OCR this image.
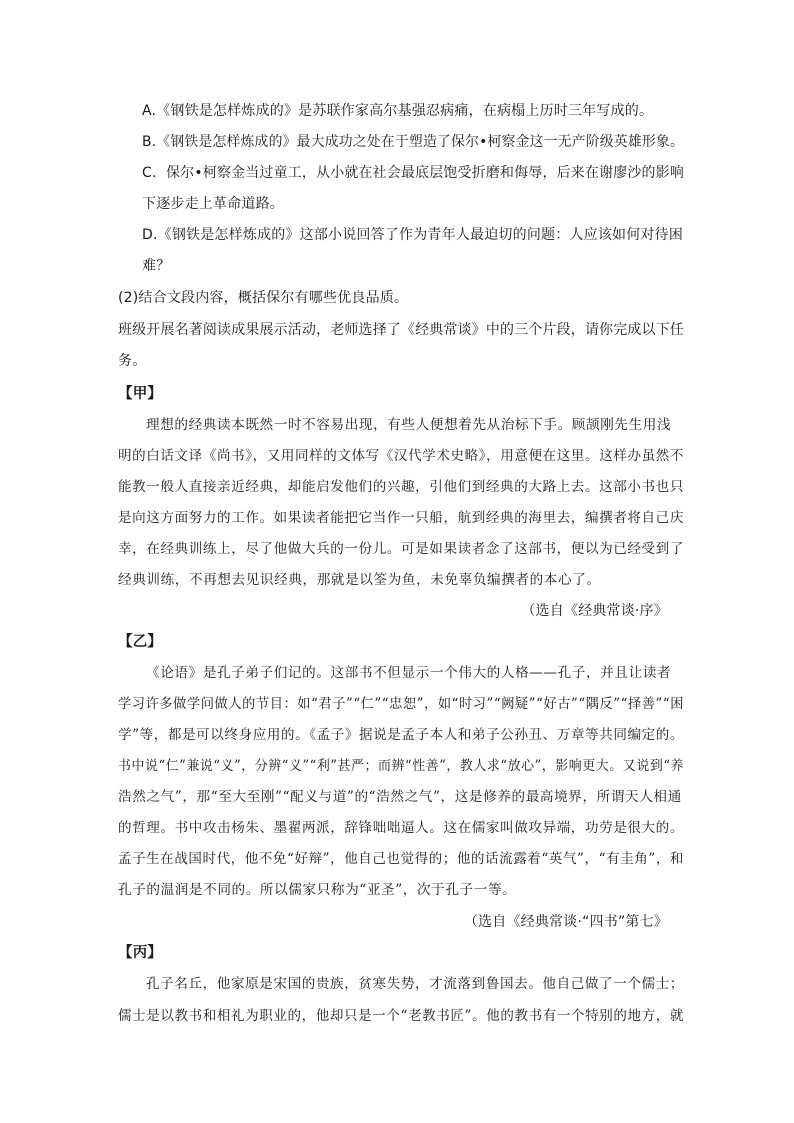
A.《钢铁是怎样炼成的》是苏联作家高尔基强忍病痛，在病榻上历时三年写成的。
B.《钢铁是怎样炼成的》最大成功之处在于塑造了保尔•柯察金这一无产阶级英雄形象。
C．保尔•柯察金当过童工，从小就在社会最底层饱受折磨和侮辱，后来在谢廖沙的影响
下逐步走上革命道路。
D.《钢铁是怎样炼成的》这部小说回答了作为青年人最迫切的问题：人应该如何对待困
难？
(2)结合文段内容，概括保尔有哪些优良品质。
班级开展名著阅读成果展示活动，老师选择了《经典常谈》中的三个片段，请你完成以下任
务。
【甲】
理想的经典读本既然一时不容易出现，有些人便想着先从治标下手。顾颉刚先生用浅
明的白话文译《尚书》，又用同样的文体写《汉代学术史略》，用意便在这里。这样办虽然不
能教一般人直接亲近经典，却能启发他们的兴趣，引他们到经典的大路上去。这部小书也只
是向这方面努力的工作。如果读者能把它当作一只船，航到经典的海里去，编撰者将自己庆
幸，在经典训练上，尽了他做大兵的一份儿。可是如果读者念了这部书，便以为已经受到了
经典训练，不再想去见识经典，那就是以筌为鱼，未免辜负编撰者的本心了。
（选自《经典常谈·序》
【乙】
《论语》是孔子弟子们记的。这部书不但显示一个伟大的人格——孔子，并且让读者
学习许多做学问做人的节目：如“君子”“仁”“忠恕”，如“时习”“阙疑”“好古”“隅反”“择善”“困
学”等，都是可以终身应用的。《孟子》据说是孟子本人和弟子公孙丑、万章等共同编定的。
书中说“仁”兼说“义”，分辨“义”“利”甚严；而辨“性善”，教人求“放心”，影响更大。又说到“养
浩然之气”，那“至大至刚”“配义与道”的“浩然之气”，这是修养的最高境界，所谓天人相通
的哲理。书中攻击杨朱、墨翟两派，辞锋咄咄逼人。这在儒家叫做攻异端，功劳是很大的。
孟子生在战国时代，他不免“好辩”，他自己也觉得的；他的话流露着“英气”，“有圭角”，和
孔子的温润是不同的。所以儒家只称为“亚圣”，次于孔子一等。
（选自《经典常谈·“四书”第七》
【丙】
孔子名丘，他家原是宋国的贵族，贫寒失势，才流落到鲁国去。他自己做了一个儒士；
儒士是以教书和相礼为职业的，他却只是一个“老教书匠”。他的教书有一个特别的地方，就
